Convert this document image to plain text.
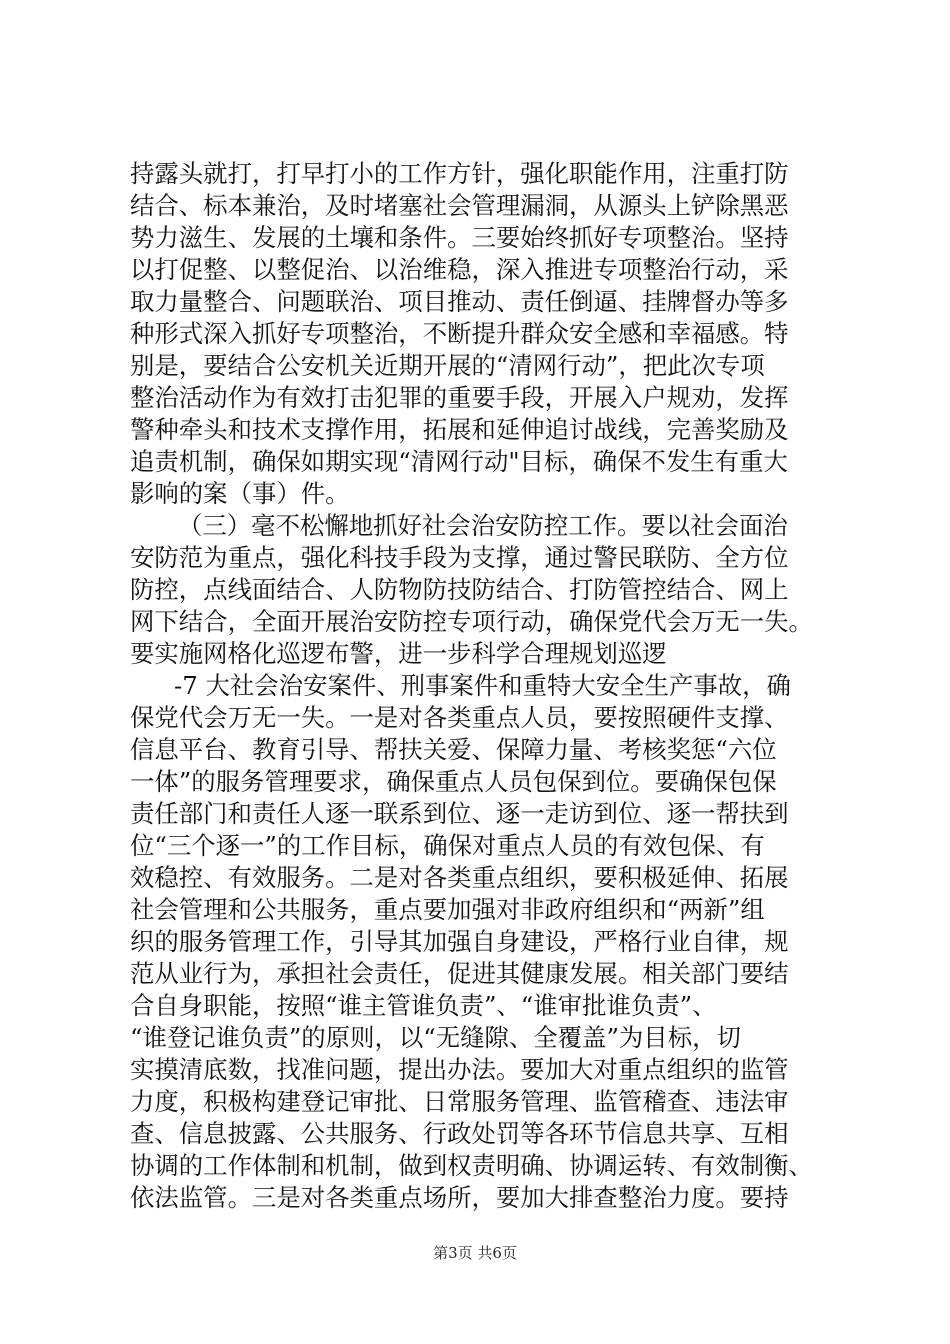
持露头就打，打早打小的工作方针，强化职能作用，注重打防
结合、标本兼治，及时堵塞社会管理漏洞，从源头上铲除黑恶
势力滋生、发展的土壤和条件。三要始终抓好专项整治。坚持
以打促整、以整促治、以治维稳，深入推进专项整治行动，采
取力量整合、问题联治、项目推动、责任倒逼、挂牌督办等多
种形式深入抓好专项整治，不断提升群众安全感和幸福感。特
别是，要结合公安机关近期开展的“清网行动”，把此次专项
整治活动作为有效打击犯罪的重要手段，开展入户规劝，发挥
警种牵头和技术支撑作用，拓展和延伸追讨战线，完善奖励及
追责机制，确保如期实现“清网行动"目标，确保不发生有重大
影响的案（事）件。
（三）毫不松懈地抓好社会治安防控工作。要以社会面治
安防范为重点，强化科技手段为支撑，通过警民联防、全方位
防控，点线面结合、人防物防技防结合、打防管控结合、网上
网下结合，全面开展治安防控专项行动，确保党代会万无一失。
要实施网格化巡逻布警，进一步科学合理规划巡逻
-7 大社会治安案件、刑事案件和重特大安全生产事故，确
保党代会万无一失。一是对各类重点人员，要按照硬件支撑、
信息平台、教育引导、帮扶关爱、保障力量、考核奖惩“六位
一体”的服务管理要求，确保重点人员包保到位。要确保包保
责任部门和责任人逐一联系到位、逐一走访到位、逐一帮扶到
位“三个逐一”的工作目标，确保对重点人员的有效包保、有
效稳控、有效服务。二是对各类重点组织，要积极延伸、拓展
社会管理和公共服务，重点要加强对非政府组织和“两新”组
织的服务管理工作，引导其加强自身建设，严格行业自律，规
范从业行为，承担社会责任，促进其健康发展。相关部门要结
合自身职能，按照“谁主管谁负责”、“谁审批谁负责”、
“谁登记谁负责”的原则，以“无缝隙、全覆盖”为目标，切
实摸清底数，找准问题，提出办法。要加大对重点组织的监管
力度，积极构建登记审批、日常服务管理、监管稽查、违法审
查、信息披露、公共服务、行政处罚等各环节信息共享、互相
协调的工作体制和机制，做到权责明确、协调运转、有效制衡、
依法监管。三是对各类重点场所，要加大排查整治力度。要持
第3页 共6页
